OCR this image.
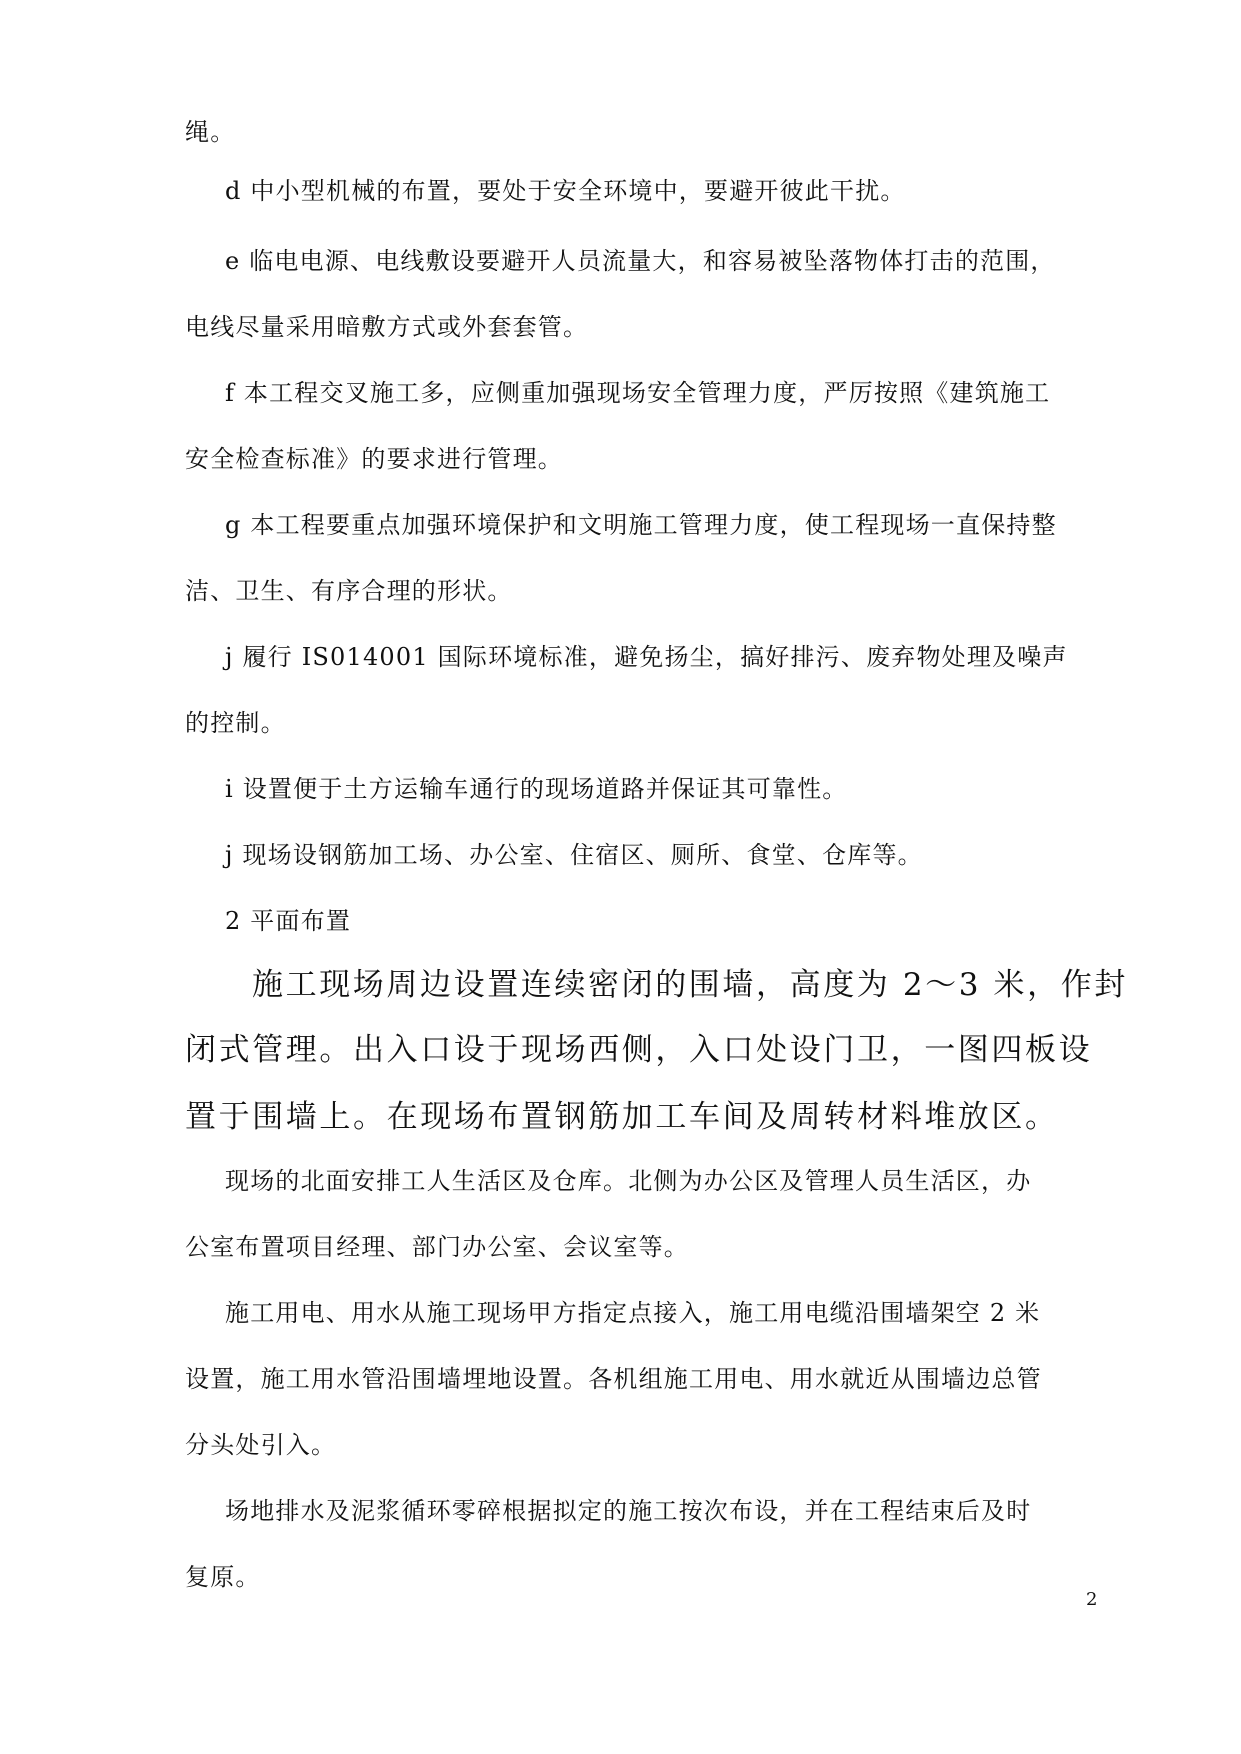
绳。
d 中小型机械的布置，要处于安全环境中，要避开彼此干扰。
e 临电电源、电线敷设要避开人员流量大，和容易被坠落物体打击的范围，
电线尽量采用暗敷方式或外套套管。
f 本工程交叉施工多，应侧重加强现场安全管理力度，严厉按照《建筑施工
安全检查标准》的要求进行管理。
g 本工程要重点加强环境保护和文明施工管理力度，使工程现场一直保持整
洁、卫生、有序合理的形状。
j 履行 IS014001 国际环境标准，避免扬尘，搞好排污、废弃物处理及噪声
的控制。
i 设置便于土方运输车通行的现场道路并保证其可靠性。
j 现场设钢筋加工场、办公室、住宿区、厕所、食堂、仓库等。
2 平面布置
施工现场周边设置连续密闭的围墙，高度为 2～3 米，作封
闭式管理。出入口设于现场西侧，入口处设门卫，一图四板设
置于围墙上。在现场布置钢筋加工车间及周转材料堆放区。
现场的北面安排工人生活区及仓库。北侧为办公区及管理人员生活区，办
公室布置项目经理、部门办公室、会议室等。
施工用电、用水从施工现场甲方指定点接入，施工用电缆沿围墙架空 2 米
设置，施工用水管沿围墙埋地设置。各机组施工用电、用水就近从围墙边总管
分头处引入。
场地排水及泥浆循环零碎根据拟定的施工按次布设，并在工程结束后及时
复原。
2
